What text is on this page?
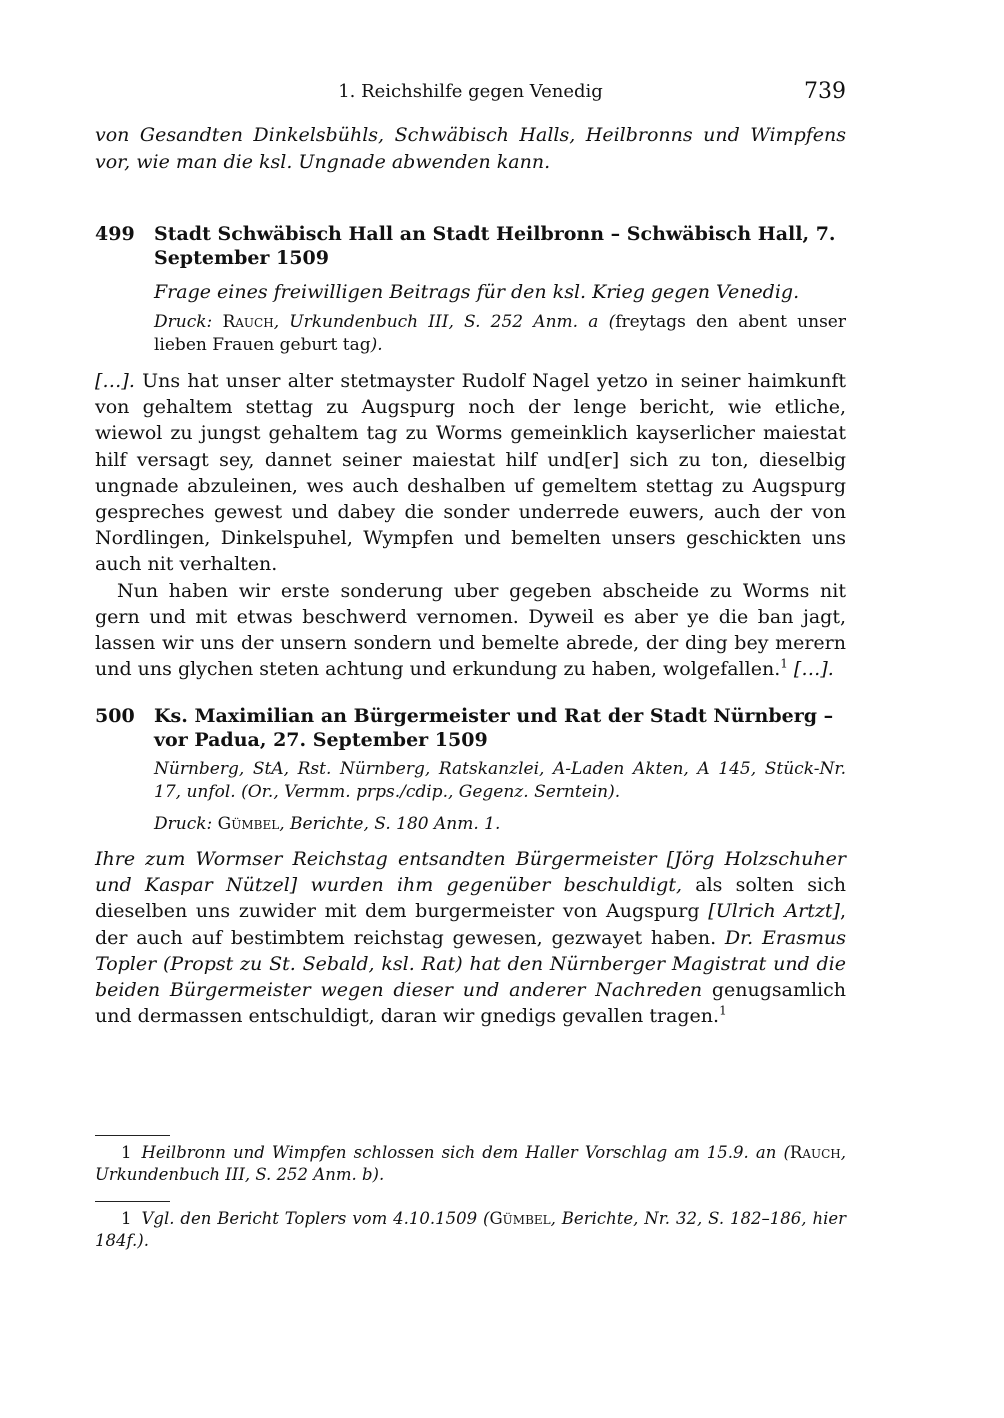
1. Reichshilfe gegen Venedig	739
von Gesandten Dinkelsbühls, Schwäbisch Halls, Heilbronns und Wimpfens vor, wie man die ksl. Ungnade abwenden kann.
499 Stadt Schwäbisch Hall an Stadt Heilbronn – Schwäbisch Hall, 7. September 1509
Frage eines freiwilligen Beitrags für den ksl. Krieg gegen Venedig.
Druck: Rauch, Urkundenbuch III, S. 252 Anm. a (freytags den abent unser lieben Frauen geburt tag).

[…]. Uns hat unser alter stetmayster Rudolf Nagel yetzo in seiner haimkunft von gehaltem stettag zu Augspurg noch der lenge bericht, wie etliche, wiewol zu jungst gehaltem tag zu Worms gemeinklich kayserlicher maiestat hilf versagt sey, dannet seiner maiestat hilf und[er] sich zu ton, dieselbig ungnade abzuleinen, wes auch deshalben uf gemeltem stettag zu Augspurg gespreches gewest und dabey die sonder underrede euwers, auch der von Nordlingen, Dinkelspuhel, Wympfen und bemelten unsers geschickten uns auch nit verhalten.

Nun haben wir erste sonderung uber gegeben abscheide zu Worms nit gern und mit etwas beschwerd vernomen. Dyweil es aber ye die ban jagt, lassen wir uns der unsern sondern und bemelte abrede, der ding bey merern und uns glychen steten achtung und erkundung zu haben, wolgefallen.$^1$ […].

500 Ks. Maximilian an Bürgermeister und Rat der Stadt Nürnberg – vor Padua, 27. September 1509
Nürnberg, StA, Rst. Nürnberg, Ratskanzlei, A-Laden Akten, A 145, Stück-Nr. 17, unfol. (Or., Vermm. prps./cdip., Gegenz. Serntein).
Druck: Gümbel, Berichte, S. 180 Anm. 1.

Ihre zum Wormser Reichstag entsandten Bürgermeister [Jörg Holzschuher und Kaspar Nützel] wurden ihm gegenüber beschuldigt, als solten sich dieselben uns zuwider mit dem burgermeister von Augspurg [Ulrich Artzt], der auch auf bestimbtem reichstag gewesen, gezwayet haben. Dr. Erasmus Topler (Propst zu St. Sebald, ksl. Rat) hat den Nürnberger Magistrat und die beiden Bürgermeister wegen dieser und anderer Nachreden genugsamlich und dermassen entschuldigt, daran wir gnedigs gevallen tragen.$^1$

1 Heilbronn und Wimpfen schlossen sich dem Haller Vorschlag am 15.9. an (Rauch, Urkundenbuch III, S. 252 Anm. b).
1 Vgl. den Bericht Toplers vom 4.10.1509 (Gümbel, Berichte, Nr. 32, S. 182–186, hier 184f.).
